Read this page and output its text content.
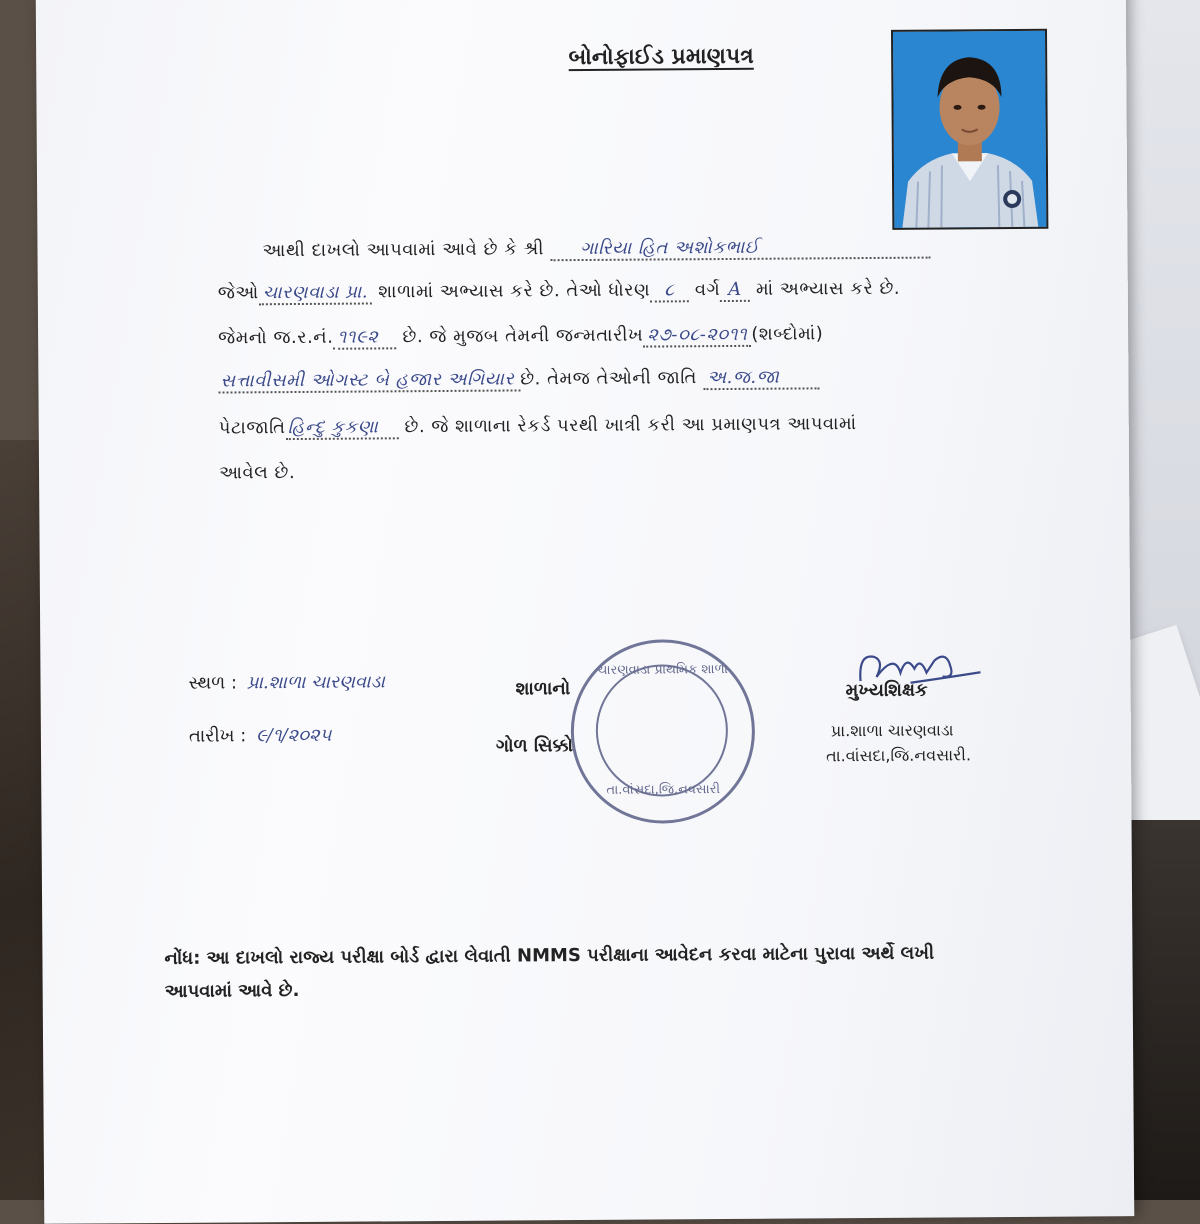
બોનોફાઈડ પ્રમાણપત્ર
આથી દાખલો આપવામાં આવે છે કે શ્રી ગારિયા હિત અશોકભાઈ
જેઓ ચારણવાડા પ્રા. શાળામાં અભ્યાસ કરે છે. તેઓ ધોરણ ૮ વર્ગ A માં અભ્યાસ કરે છે.
જેમનો જ.ર.નં. ૧૧૯૨ છે. જે મુજબ તેમની જન્મતારીખ ૨૭-૦૮-૨૦૧૧ (શબ્દોમાં)
સત્તાવીસમી ઓગસ્ટ બે હજાર અગિયાર છે. તેમજ તેઓની જાતિ અ.જ.જા
પેટાજાતિ હિન્દુ કુકણા છે. જે શાળાના રેકર્ડ પરથી ખાત્રી કરી આ પ્રમાણપત્ર આપવામાં
આવેલ છે.
સ્થળ : પ્રા.શાળા ચારણવાડા
તારીખ : ૯/૧/૨૦૨૫
શાળાનો
ગોળ સિક્કો
ચારણવાડા પ્રાથમિક શાળા
તા.વાંસદા,જિ.નવસારી
મુખ્યશિક્ષક
પ્રા.શાળા ચારણવાડા
તા.વાંસદા,જિ.નવસારી.
નોંધ: આ દાખલો રાજ્ય પરીક્ષા બોર્ડ દ્વારા લેવાતી NMMS પરીક્ષાના આવેદન કરવા માટેના પુરાવા અર્થે લખી
આપવામાં આવે છે.
